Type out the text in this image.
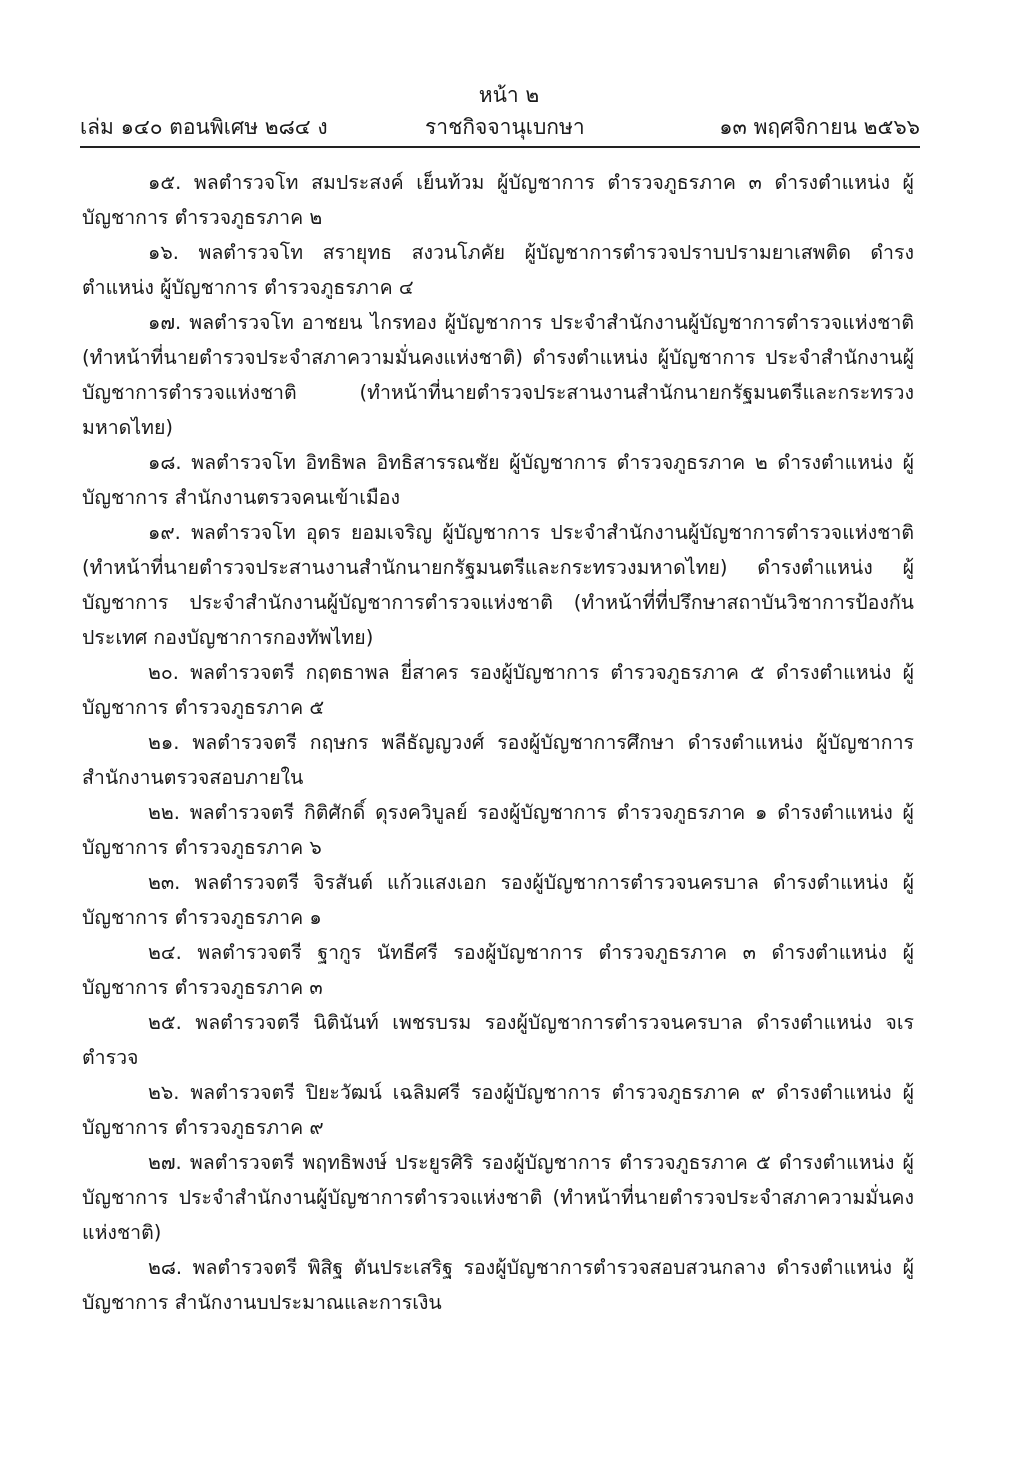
หน้า ๒
เล่ม ๑๔๐ ตอนพิเศษ ๒๘๔ ง	ราชกิจจานุเบกษา	๑๓ พฤศจิกายน ๒๕๖๖

๑๕. พลตำรวจโท สมประสงค์ เย็นท้วม ผู้บัญชาการ ตำรวจภูธรภาค ๓ ดำรงตำแหน่ง ผู้บัญชาการ ตำรวจภูธรภาค ๒

๑๖. พลตำรวจโท สรายุทธ สงวนโภคัย ผู้บัญชาการตำรวจปราบปรามยาเสพติด ดำรงตำแหน่ง ผู้บัญชาการ ตำรวจภูธรภาค ๔

๑๗. พลตำรวจโท อาชยน ไกรทอง ผู้บัญชาการ ประจำสำนักงานผู้บัญชาการตำรวจแห่งชาติ (ทำหน้าที่นายตำรวจประจำสภาความมั่นคงแห่งชาติ) ดำรงตำแหน่ง ผู้บัญชาการ ประจำสำนักงานผู้บัญชาการตำรวจแห่งชาติ (ทำหน้าที่นายตำรวจประสานงานสำนักนายกรัฐมนตรีและกระทรวงมหาดไทย)

๑๘. พลตำรวจโท อิทธิพล อิทธิสารรณชัย ผู้บัญชาการ ตำรวจภูธรภาค ๒ ดำรงตำแหน่ง ผู้บัญชาการ สำนักงานตรวจคนเข้าเมือง

๑๙. พลตำรวจโท อุดร ยอมเจริญ ผู้บัญชาการ ประจำสำนักงานผู้บัญชาการตำรวจแห่งชาติ (ทำหน้าที่นายตำรวจประสานงานสำนักนายกรัฐมนตรีและกระทรวงมหาดไทย) ดำรงตำแหน่ง ผู้บัญชาการ ประจำสำนักงานผู้บัญชาการตำรวจแห่งชาติ (ทำหน้าที่ที่ปรึกษาสถาบันวิชาการป้องกันประเทศ กองบัญชาการกองทัพไทย)

๒๐. พลตำรวจตรี กฤตธาพล ยี่สาคร รองผู้บัญชาการ ตำรวจภูธรภาค ๕ ดำรงตำแหน่ง ผู้บัญชาการ ตำรวจภูธรภาค ๕

๒๑. พลตำรวจตรี กฤษกร พลีธัญญวงศ์ รองผู้บัญชาการศึกษา ดำรงตำแหน่ง ผู้บัญชาการ สำนักงานตรวจสอบภายใน

๒๒. พลตำรวจตรี กิติศักดิ์ ดุรงควิบูลย์ รองผู้บัญชาการ ตำรวจภูธรภาค ๑ ดำรงตำแหน่ง ผู้บัญชาการ ตำรวจภูธรภาค ๖

๒๓. พลตำรวจตรี จิรสันต์ แก้วแสงเอก รองผู้บัญชาการตำรวจนครบาล ดำรงตำแหน่ง ผู้บัญชาการ ตำรวจภูธรภาค ๑

๒๔. พลตำรวจตรี ฐากูร นัทธีศรี รองผู้บัญชาการ ตำรวจภูธรภาค ๓ ดำรงตำแหน่ง ผู้บัญชาการ ตำรวจภูธรภาค ๓

๒๕. พลตำรวจตรี นิตินันท์ เพชรบรม รองผู้บัญชาการตำรวจนครบาล ดำรงตำแหน่ง จเรตำรวจ

๒๖. พลตำรวจตรี ปิยะวัฒน์ เฉลิมศรี รองผู้บัญชาการ ตำรวจภูธรภาค ๙ ดำรงตำแหน่ง ผู้บัญชาการ ตำรวจภูธรภาค ๙

๒๗. พลตำรวจตรี พฤทธิพงษ์ ประยูรศิริ รองผู้บัญชาการ ตำรวจภูธรภาค ๕ ดำรงตำแหน่ง ผู้บัญชาการ ประจำสำนักงานผู้บัญชาการตำรวจแห่งชาติ (ทำหน้าที่นายตำรวจประจำสภาความมั่นคงแห่งชาติ)

๒๘. พลตำรวจตรี พิสิฐ ตันประเสริฐ รองผู้บัญชาการตำรวจสอบสวนกลาง ดำรงตำแหน่ง ผู้บัญชาการ สำนักงานบประมาณและการเงิน
